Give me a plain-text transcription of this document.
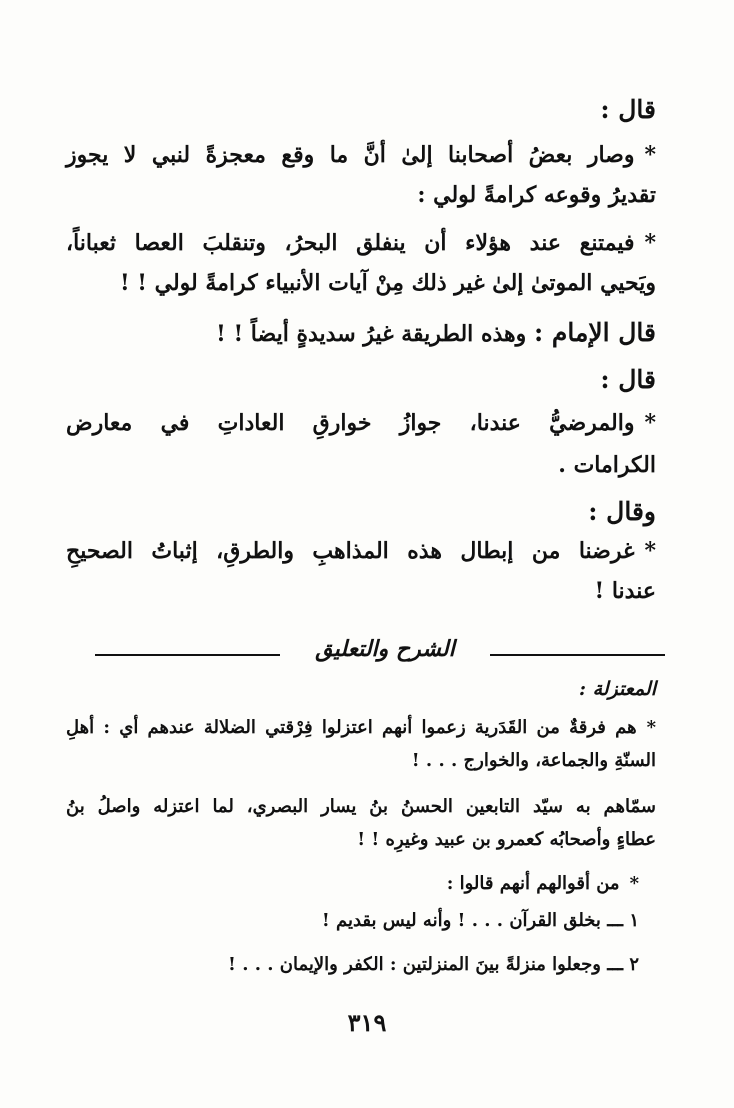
قال :
*وصار بعضُ أصحابنا إلىٰ أنَّ ما وقع معجزةً لنبي لا يجوز
تقديرُ وقوعه كرامةً لولي :
*فيمتنع عند هؤلاء أن ينفلق البحرُ، وتنقلبَ العصا ثعباناً،
ويَحيي الموتىٰ إلىٰ غير ذلك مِنْ آيات الأنبياء كرامةً لولي ! !
قال الإمام : وهذه الطريقة غيرُ سديدةٍ أيضاً ! !
قال :
*والمرضيُّ عندنا، جوازُ خوارقِ العاداتِ في معارض
الكرامات .
وقال :
*غرضنا من إبطال هذه المذاهبِ والطرقِ، إثباتُ الصحيحِ
عندنا !
الشرح والتعليق
المعتزلة :
*هم فرقةٌ من القَدَرية زعموا أنهم اعتزلوا فِرْقتي الضلالة عندهم أي : أهلِ
السنّةِ والجماعة، والخوارج . . . !
سمّاهم به سيّد التابعين الحسنُ بنُ يسار البصري، لما اعتزله واصلُ بنُ
عطاءٍ وأصحابُه كعمرو بن عبيد وغيرِه ! !
*من أقوالهم أنهم قالوا :
١ ـــ بخلق القرآن . . . ! وأنه ليس بقديم !
٢ ـــ وجعلوا منزلةً بينَ المنزلتين : الكفر والإيمان . . . !
٣١٩
